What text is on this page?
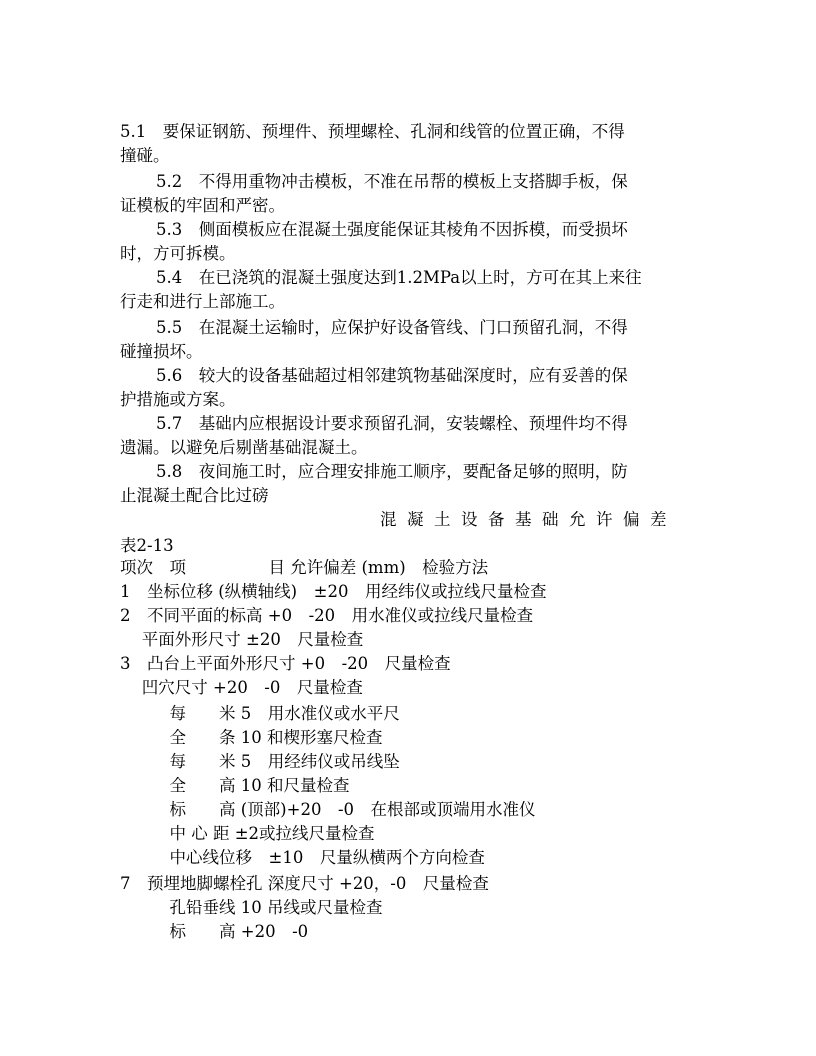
5.1　要保证钢筋、预埋件、预埋螺栓、孔洞和线管的位置正确，不得
撞碰。
5.2　不得用重物冲击模板，不准在吊帮的模板上支搭脚手板，保
证模板的牢固和严密。
5.3　侧面模板应在混凝土强度能保证其棱角不因拆模，而受损坏
时，方可拆模。
5.4　在已浇筑的混凝土强度达到1.2MPa以上时，方可在其上来往
行走和进行上部施工。
5.5　在混凝土运输时，应保护好设备管线、门口预留孔洞，不得
碰撞损坏。
5.6　较大的设备基础超过相邻建筑物基础深度时，应有妥善的保
护措施或方案。
5.7　基础内应根据设计要求预留孔洞，安装螺栓、预埋件均不得
遗漏。以避免后剔凿基础混凝土。
5.8　夜间施工时，应合理安排施工顺序，要配备足够的照明，防
止混凝土配合比过磅
混凝土设备基础允许偏差
表2-13
项次　项　　　　　目 允许偏差 (mm)　检验方法
1　坐标位移 (纵横轴线)　±20　用经纬仪或拉线尺量检查
2　不同平面的标高 +0　-20　用水准仪或拉线尺量检查
　 平面外形尺寸 ±20　尺量检查
3　凸台上平面外形尺寸 +0　-20　尺量检查
　 凹穴尺寸 +20　-0　尺量检查
　　　每　　米 5　用水准仪或水平尺
　　　全　　条 10 和楔形塞尺检查
　　　每　　米 5　用经纬仪或吊线坠
　　　全　　高 10 和尺量检查
　　　标　　高 (顶部)+20　-0　在根部或顶端用水准仪
　　　中 心 距 ±2或拉线尺量检查
　　　中心线位移　±10　尺量纵横两个方向检查
7　预埋地脚螺栓孔 深度尺寸 +20，-0　尺量检查
　　　孔铅垂线 10 吊线或尺量检查
　　　标　　高 +20　-0
